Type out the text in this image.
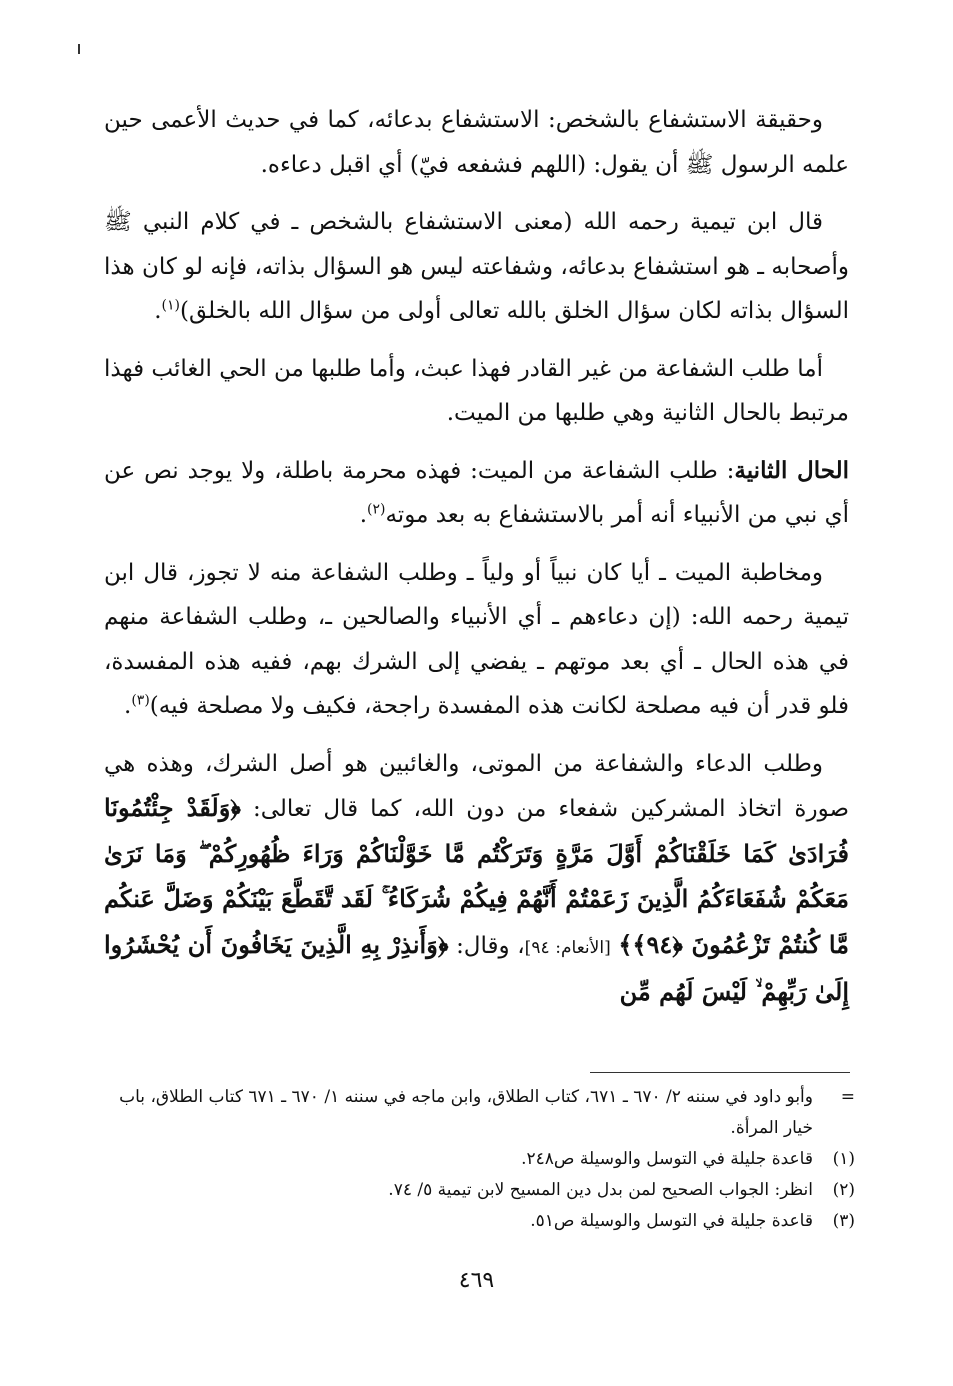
وحقيقة الاستشفاع بالشخص: الاستشفاع بدعائه، كما في حديث الأعمى حين علمه الرسول ﷺ أن يقول: (اللهم فشفعه فيّ) أي اقبل دعاءه.

قال ابن تيمية رحمه الله (معنى الاستشفاع بالشخص ـ في كلام النبي ﷺ وأصحابه ـ هو استشفاع بدعائه، وشفاعته ليس هو السؤال بذاته، فإنه لو كان هذا السؤال بذاته لكان سؤال الخلق بالله تعالى أولى من سؤال الله بالخلق)$^{(١)}$.

أما طلب الشفاعة من غير القادر فهذا عبث، وأما طلبها من الحي الغائب فهذا مرتبط بالحال الثانية وهي طلبها من الميت.

الحال الثانية: طلب الشفاعة من الميت: فهذه محرمة باطلة، ولا يوجد نص عن أي نبي من الأنبياء أنه أمر بالاستشفاع به بعد موته$^{(٢)}$.

ومخاطبة الميت ـ أيا كان نبياً أو ولياً ـ وطلب الشفاعة منه لا تجوز، قال ابن تيمية رحمه الله: (إن دعاءهم ـ أي الأنبياء والصالحين ـ، وطلب الشفاعة منهم في هذه الحال ـ أي بعد موتهم ـ يفضي إلى الشرك بهم، ففيه هذه المفسدة، فلو قدر أن فيه مصلحة لكانت هذه المفسدة راجحة، فكيف ولا مصلحة فيه)$^{(٣)}$.

وطلب الدعاء والشفاعة من الموتى، والغائبين هو أصل الشرك، وهذه هي صورة اتخاذ المشركين شفعاء من دون الله، كما قال تعالى: ﴿وَلَقَدْ جِئْتُمُونَا فُرَادَىٰ كَمَا خَلَقْنَاكُمْ أَوَّلَ مَرَّةٍ وَتَرَكْتُم مَّا خَوَّلْنَاكُمْ وَرَاءَ ظُهُورِكُمْ ۖ وَمَا نَرَىٰ مَعَكُمْ شُفَعَاءَكُمُ الَّذِينَ زَعَمْتُمْ أَنَّهُمْ فِيكُمْ شُرَكَاءُ ۚ لَقَد تَّقَطَّعَ بَيْنَكُمْ وَضَلَّ عَنكُم مَّا كُنتُمْ تَزْعُمُونَ ﴿٩٤﴾﴾ [الأنعام: ٩٤]، وقال: ﴿وَأَنذِرْ بِهِ الَّذِينَ يَخَافُونَ أَن يُحْشَرُوا إِلَىٰ رَبِّهِمْ ۙ لَيْسَ لَهُم مِّن

=
وأبو داود في سننه ٢/ ٦٧٠ ـ ٦٧١، كتاب الطلاق، وابن ماجه في سننه ١/ ٦٧٠ ـ ٦٧١ كتاب الطلاق، باب خيار المرأة.

(١)
قاعدة جليلة في التوسل والوسيلة ص٢٤٨.

(٢)
انظر: الجواب الصحيح لمن بدل دين المسيح لابن تيمية ٥/ ٧٤.

(٣)
قاعدة جليلة في التوسل والوسيلة ص٥١.

٤٦٩
